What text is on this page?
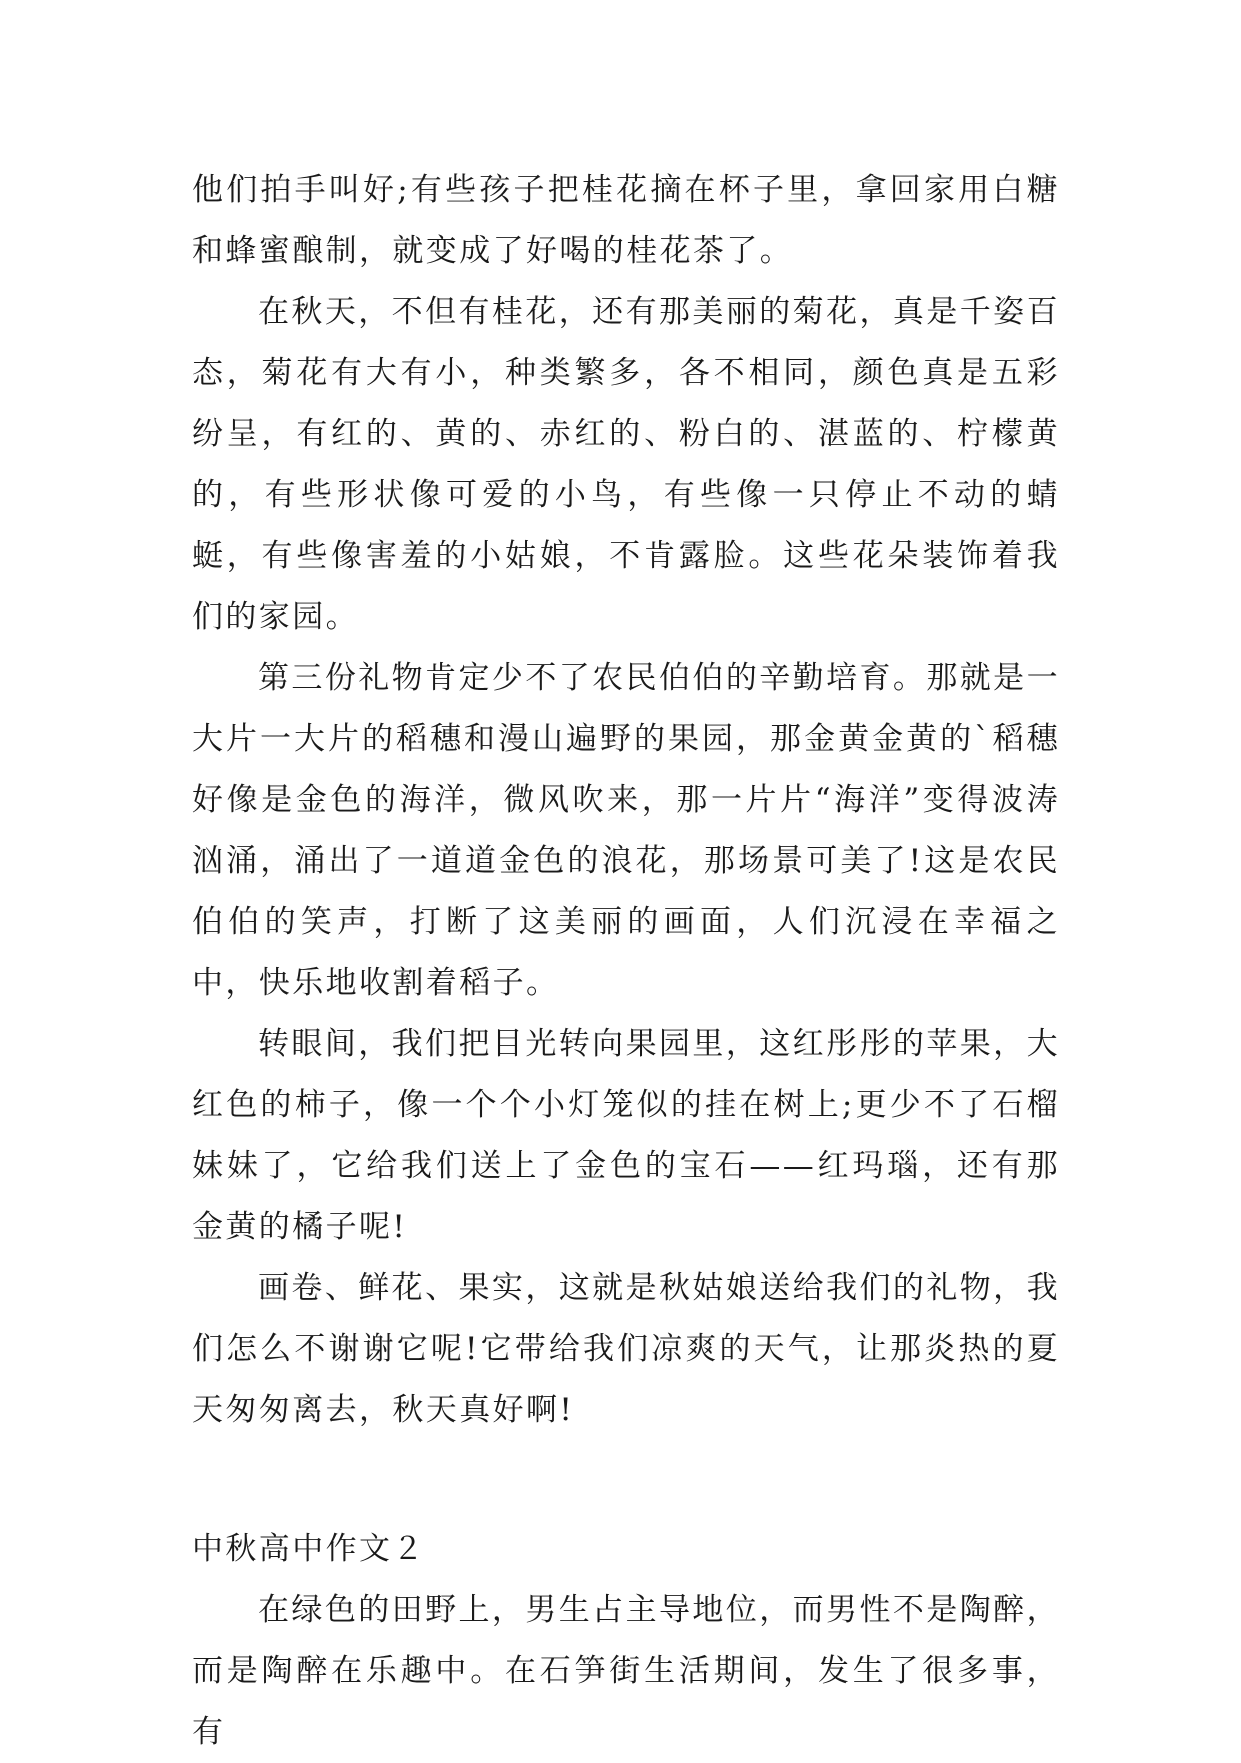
他们拍手叫好;有些孩子把桂花摘在杯子里，拿回家用白糖和蜂蜜酿制，就变成了好喝的桂花茶了。

在秋天，不但有桂花，还有那美丽的菊花，真是千姿百态，菊花有大有小，种类繁多，各不相同，颜色真是五彩纷呈，有红的、黄的、赤红的、粉白的、湛蓝的、柠檬黄的，有些形状像可爱的小鸟，有些像一只停止不动的蜻蜓，有些像害羞的小姑娘，不肯露脸。这些花朵装饰着我们的家园。

第三份礼物肯定少不了农民伯伯的辛勤培育。那就是一大片一大片的稻穗和漫山遍野的果园，那金黄金黄的`稻穗好像是金色的海洋，微风吹来，那一片片“海洋”变得波涛汹涌，涌出了一道道金色的浪花，那场景可美了!这是农民伯伯的笑声，打断了这美丽的画面，人们沉浸在幸福之中，快乐地收割着稻子。

转眼间，我们把目光转向果园里，这红彤彤的苹果，大红色的柿子，像一个个小灯笼似的挂在树上;更少不了石榴妹妹了，它给我们送上了金色的宝石——红玛瑙，还有那金黄的橘子呢!

画卷、鲜花、果实，这就是秋姑娘送给我们的礼物，我们怎么不谢谢它呢!它带给我们凉爽的天气，让那炎热的夏天匆匆离去，秋天真好啊!

中秋高中作文２

在绿色的田野上，男生占主导地位，而男性不是陶醉，而是陶醉在乐趣中。在石笋街生活期间，发生了很多事，有
